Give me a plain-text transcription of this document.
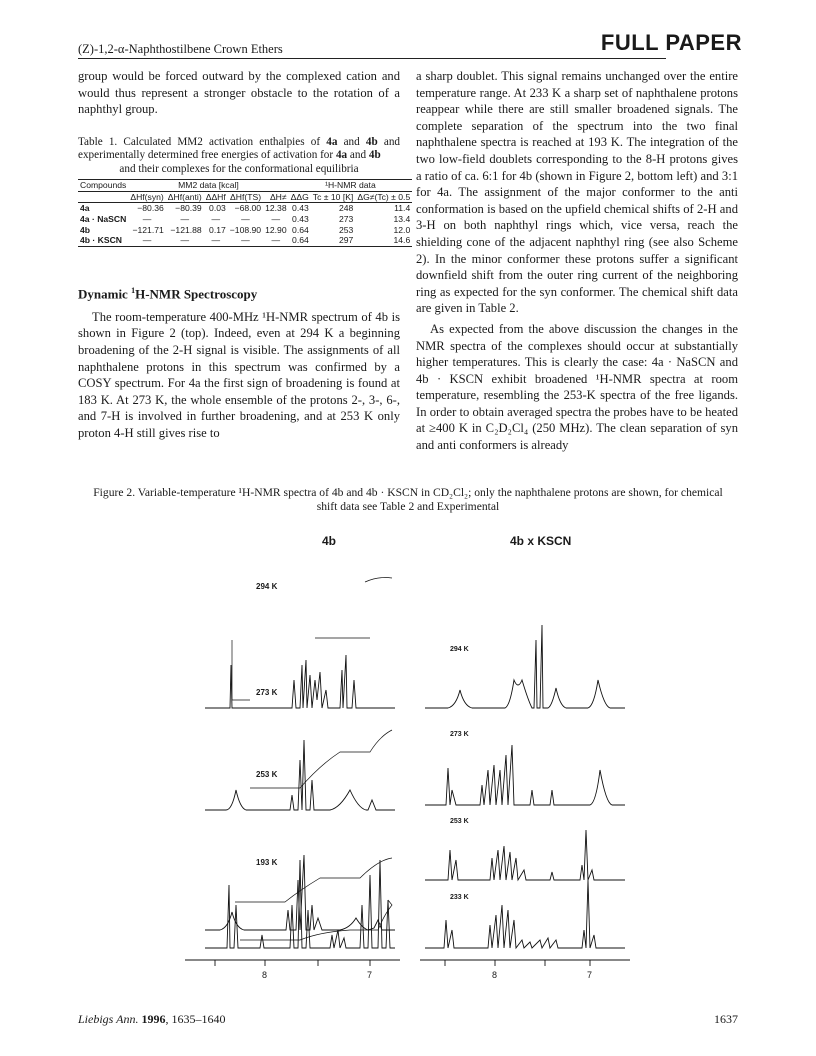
(Z)-1,2-α-Naphthostilbene Crown Ethers	FULL PAPER

group would be forced outward by the complexed cation and would thus represent a stronger obstacle to the rotation of a naphthyl group.

Table 1. Calculated MM2 activation enthalpies of 4a and 4b and experimentally determined free energies of activation for 4a and 4b
and their complexes for the conformational equilibria
Compounds	MM2 data [kcal]					¹H-NMR data		
	ΔHf(syn)	ΔHf(anti)	ΔΔHf	ΔHf(TS)	ΔH≠	ΔΔG	Tc ± 10 [K]	ΔG≠(Tc) ± 0.5
4a	−80.36	−80.39	0.03	−68.00	12.38	0.43	248	11.4
4a · NaSCN	—	—	—	—	—	0.43	273	13.4
4b	−121.71	−121.88	0.17	−108.90	12.90	0.64	253	12.0
4b · KSCN	—	—	—	—	—	0.64	297	14.6
Dynamic $^1$H-NMR Spectroscopy

The room-temperature 400-MHz ¹H-NMR spectrum of 4b is shown in Figure 2 (top). Indeed, even at 294 K a beginning broadening of the 2-H signal is visible. The assignments of all naphthalene protons in this spectrum was confirmed by a COSY spectrum. For 4a the first sign of broadening is found at 183 K. At 273 K, the whole ensemble of the protons 2-, 3-, 6-, and 7-H is involved in further broadening, and at 253 K only proton 4-H still gives rise to

a sharp doublet. This signal remains unchanged over the entire temperature range. At 233 K a sharp set of naphthalene protons reappear while there are still smaller broadened signals. The complete separation of the spectrum into the two final naphthalene spectra is reached at 193 K. The integration of the two low-field doublets corresponding to the 8-H protons gives a ratio of ca. 6:1 for 4b (shown in Figure 2, bottom left) and 3:1 for 4a. The assignment of the major conformer to the anti conformation is based on the upfield chemical shifts of 2-H and 3-H on both naphthyl rings which, vice versa, reach the shielding cone of the adjacent naphthyl ring (see also Scheme 2). In the minor conformer these protons suffer a significant downfield shift from the outer ring current of the neighboring ring as expected for the syn conformer. The chemical shift data are given in Table 2.

As expected from the above discussion the changes in the NMR spectra of the complexes should occur at substantially higher temperatures. This is clearly the case: 4a · NaSCN and 4b · KSCN exhibit broadened ¹H-NMR spectra at room temperature, resembling the 253-K spectra of the free ligands. In order to obtain averaged spectra the probes have to be heated at ≥400 K in C₂D₂Cl₄ (250 MHz). The clean separation of syn and anti conformers is already

Figure 2. Variable-temperature ¹H-NMR spectra of 4b and 4b · KSCN in CD₂Cl₂; only the naphthalene protons are shown, for chemical
shift data see Table 2 and Experimental
4b	4b x KSCN
294 K
273 K
253 K
193 K
294 K
273 K
253 K
233 K
8	7	8	7
Liebigs Ann. 1996, 1635–1640	1637
